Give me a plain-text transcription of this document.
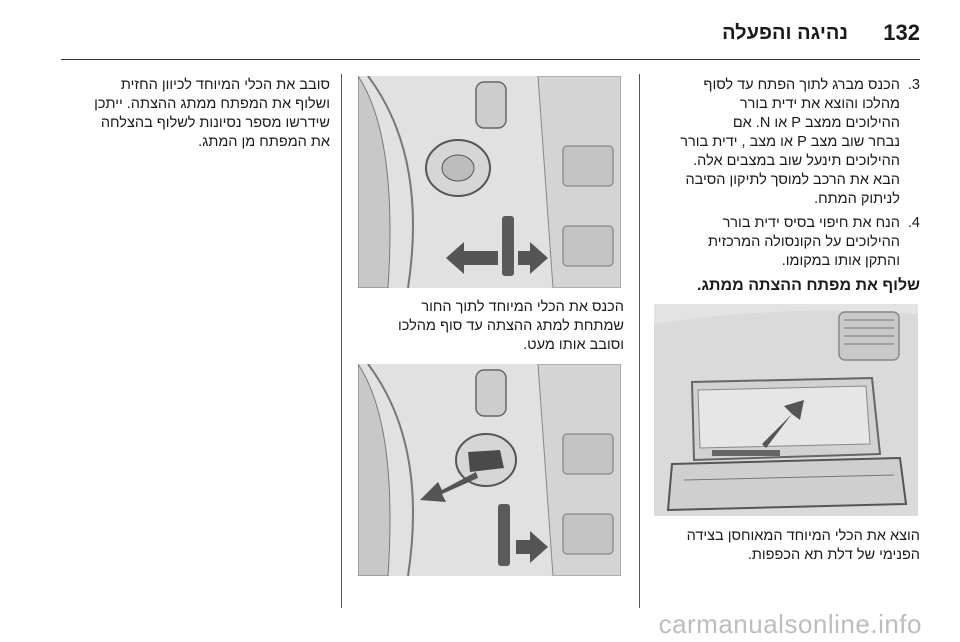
132
נהיגה והפעלה
3.
הכנס מברג לתוך הפתח עד לסוף
מהלכו והוצא את ידית בורר
ההילוכים ממצב P או N. אם
נבחר שוב מצב P או מצב , ידית בורר
ההילוכים תינעל שוב במצבים אלה.
הבא את הרכב למוסך לתיקון הסיבה
לניתוק המתח.
4.
הנח את חיפוי בסיס ידית בורר
ההילוכים על הקונסולה המרכזית
והתקן אותו במקומו.
שלוף את מפתח ההצתה ממתג.
הוצא את הכלי המיוחד המאוחסן בצידה
הפנימי של דלת תא הכפפות.
הכנס את הכלי המיוחד לתוך החור
שמתחת למתג ההצתה עד סוף מהלכו
וסובב אותו מעט.
סובב את הכלי המיוחד לכיוון החזית
ושלוף את המפתח ממתג ההצתה. ייתכן
שידרשו מספר נסיונות לשלוף בהצלחה
את המפתח מן המתג.
carmanualsonline.info
